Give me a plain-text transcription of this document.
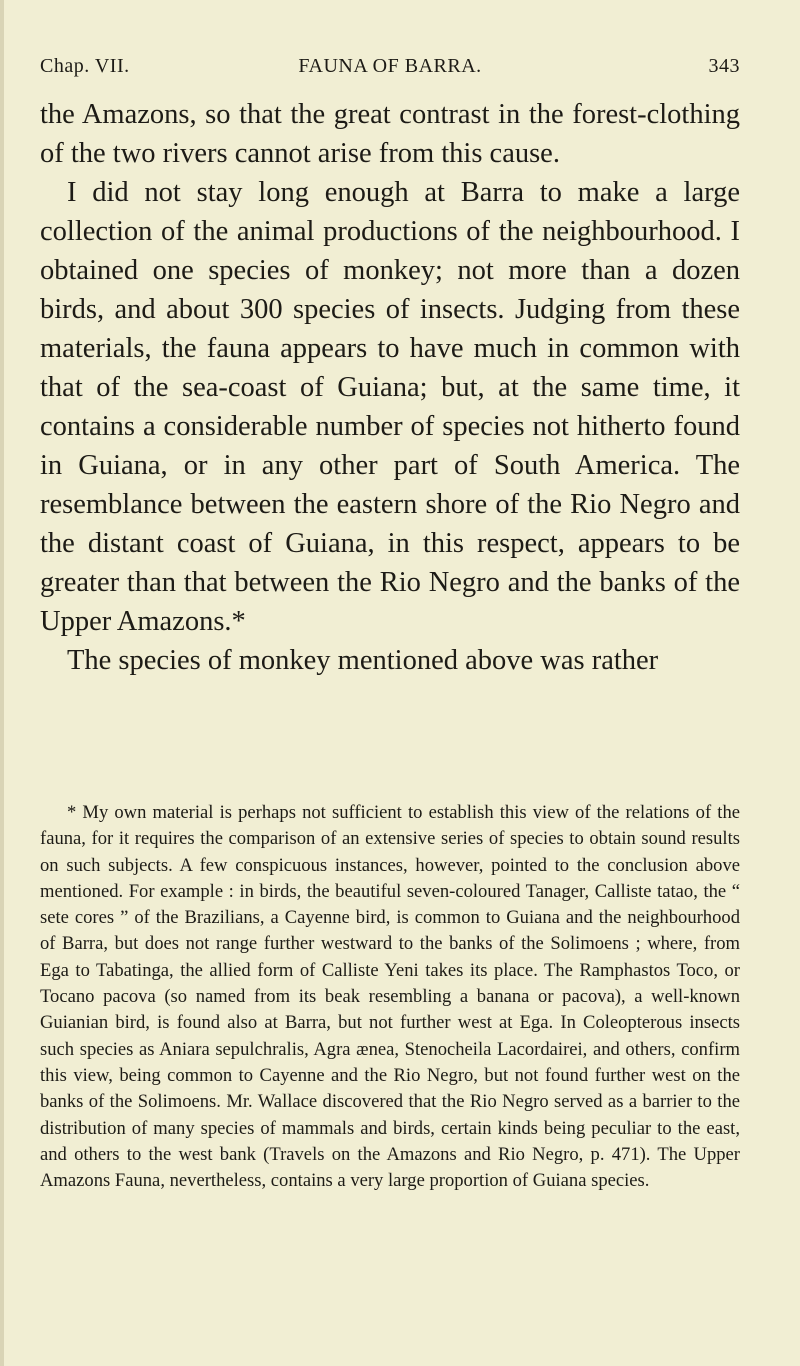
Chap. VII.	FAUNA OF BARRA.	343

the Amazons, so that the great contrast in the forest-clothing of the two rivers cannot arise from this cause.

I did not stay long enough at Barra to make a large collection of the animal productions of the neighbourhood. I obtained one species of monkey; not more than a dozen birds, and about 300 species of insects. Judging from these materials, the fauna appears to have much in common with that of the sea-coast of Guiana; but, at the same time, it contains a considerable number of species not hitherto found in Guiana, or in any other part of South America. The resemblance between the eastern shore of the Rio Negro and the distant coast of Guiana, in this respect, appears to be greater than that between the Rio Negro and the banks of the Upper Amazons.*

The species of monkey mentioned above was rather

* My own material is perhaps not sufficient to establish this view of the relations of the fauna, for it requires the comparison of an extensive series of species to obtain sound results on such subjects. A few conspicuous instances, however, pointed to the conclusion above mentioned. For example : in birds, the beautiful seven-coloured Tanager, Calliste tatao, the “ sete cores ” of the Brazilians, a Cayenne bird, is common to Guiana and the neighbourhood of Barra, but does not range further westward to the banks of the Solimoens ; where, from Ega to Tabatinga, the allied form of Calliste Yeni takes its place. The Ramphastos Toco, or Tocano pacova (so named from its beak resembling a banana or pacova), a well-known Guianian bird, is found also at Barra, but not further west at Ega. In Coleopterous insects such species as Aniara sepulchralis, Agra ænea, Stenocheila Lacordairei, and others, confirm this view, being common to Cayenne and the Rio Negro, but not found further west on the banks of the Solimoens. Mr. Wallace discovered that the Rio Negro served as a barrier to the distribution of many species of mammals and birds, certain kinds being peculiar to the east, and others to the west bank (Travels on the Amazons and Rio Negro, p. 471). The Upper Amazons Fauna, nevertheless, contains a very large proportion of Guiana species.
